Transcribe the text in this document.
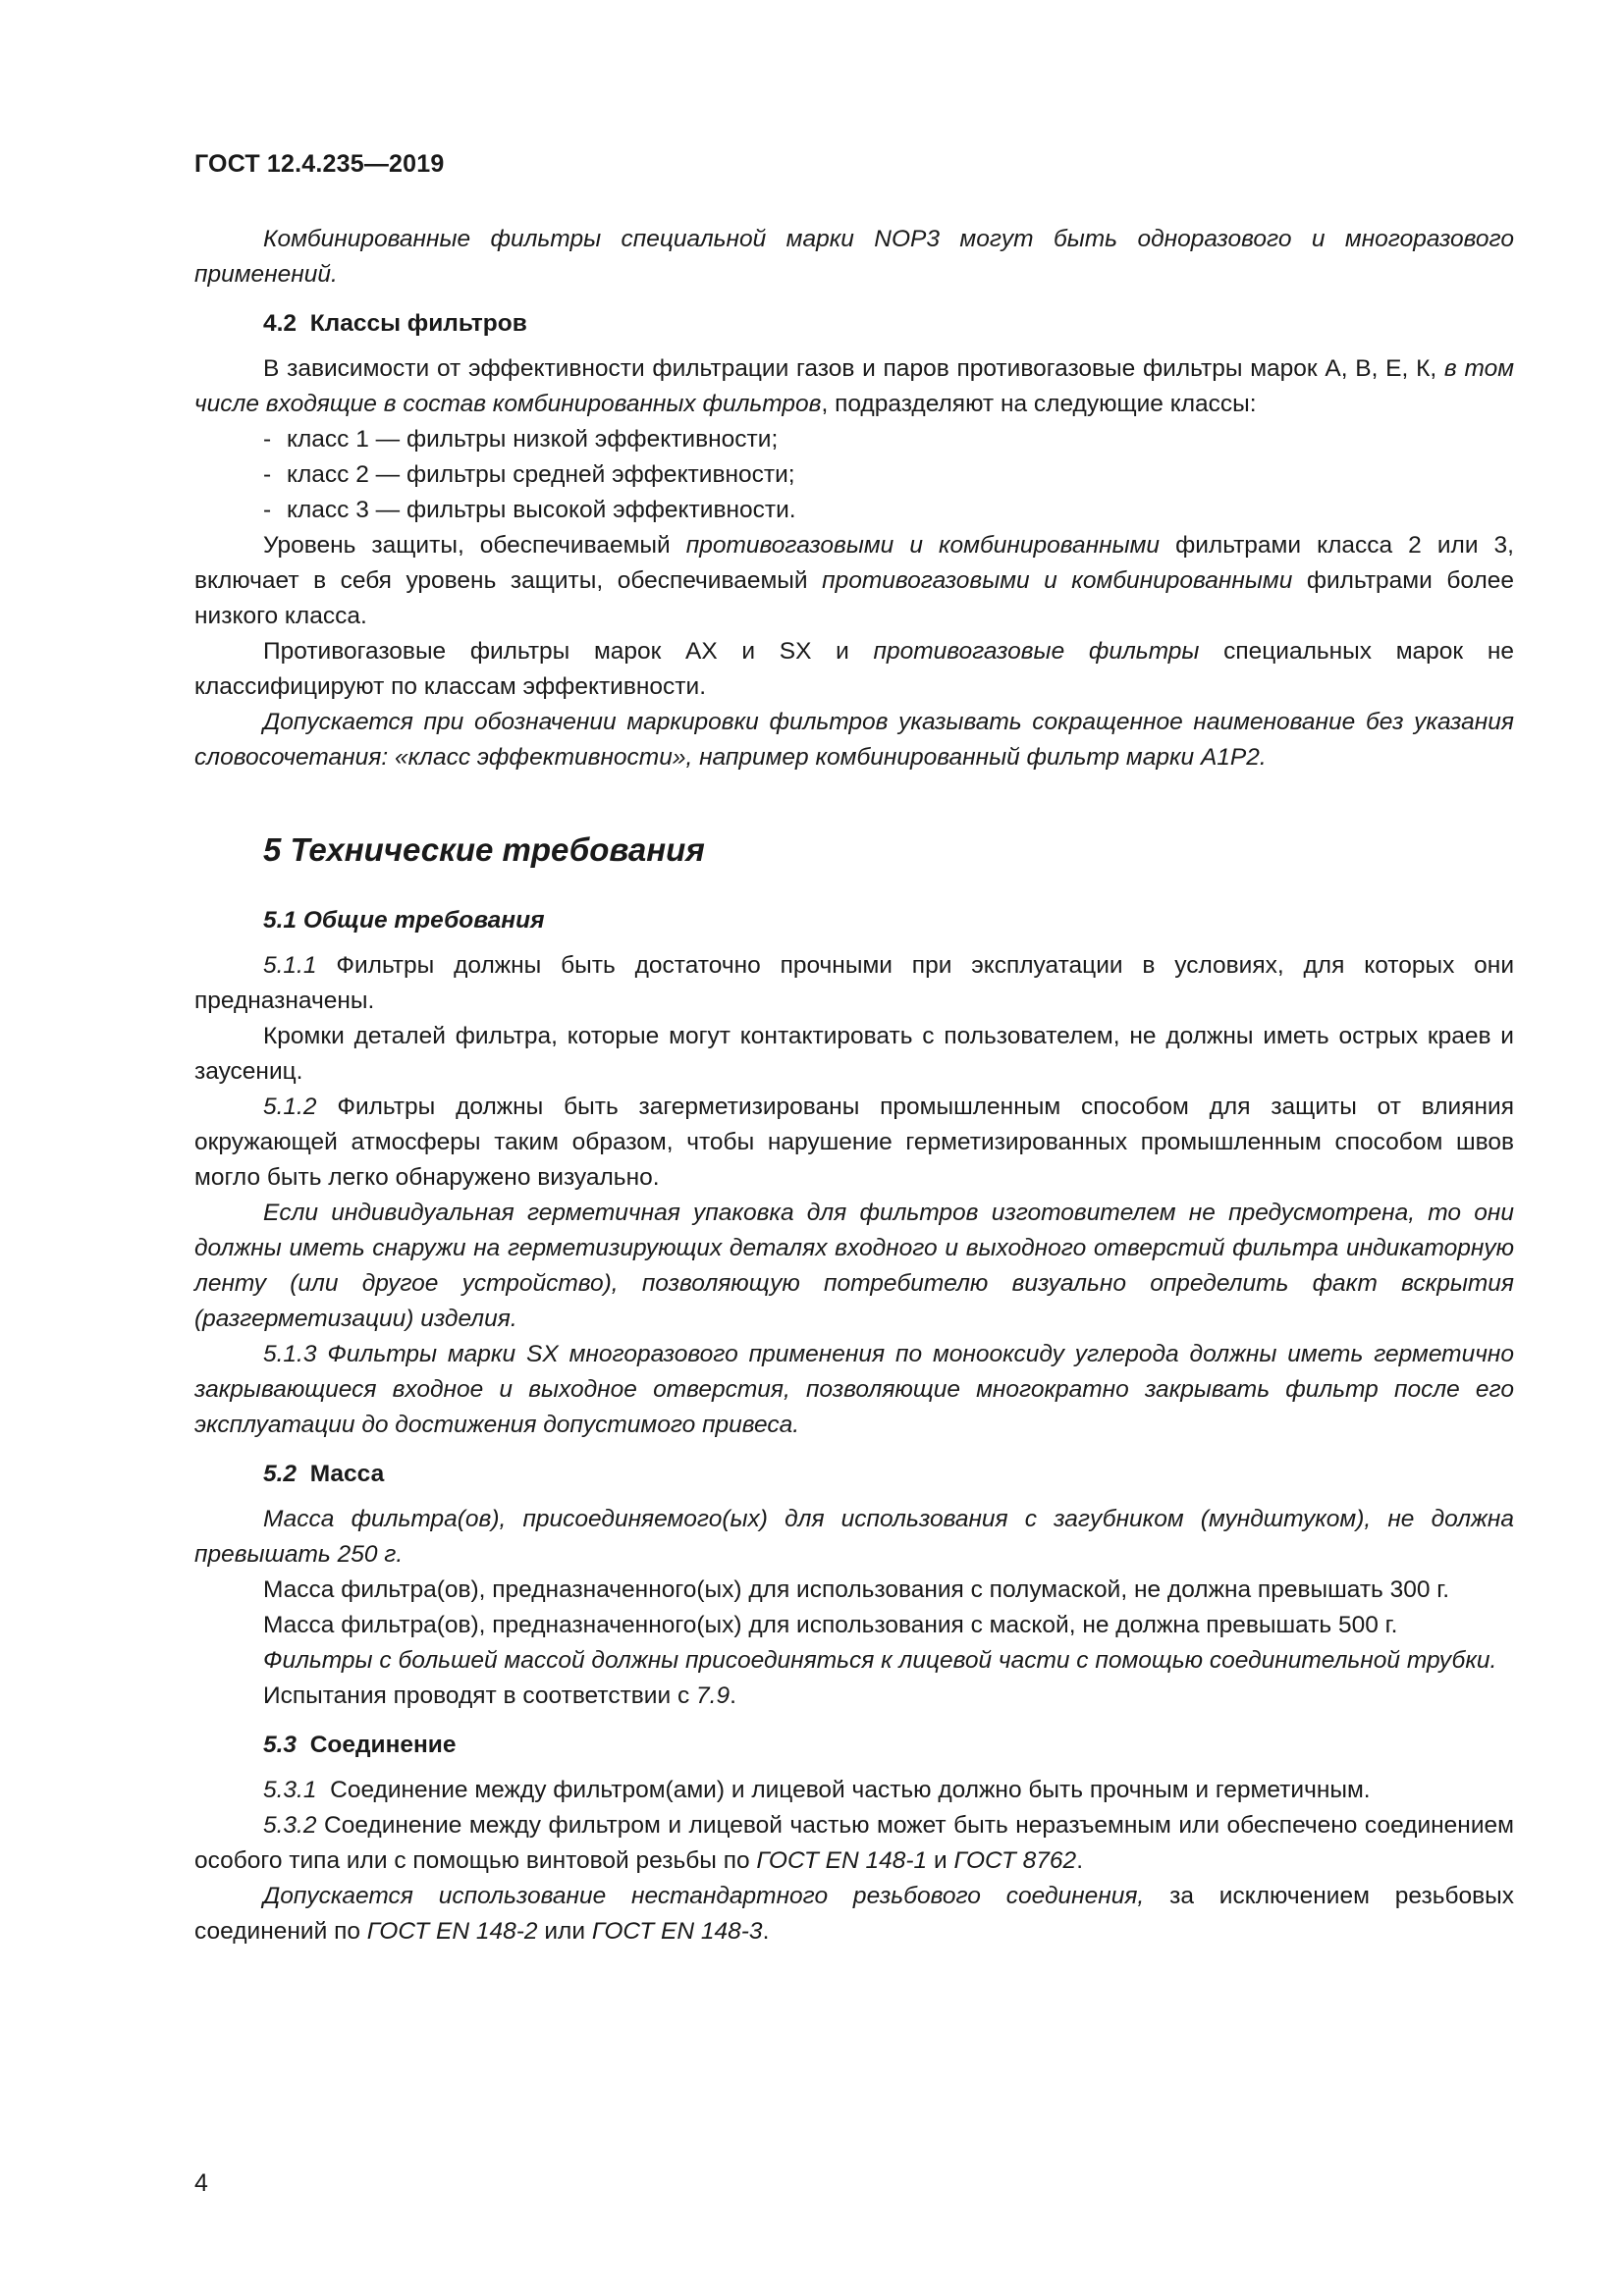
ГОСТ 12.4.235—2019

Комбинированные фильтры специальной марки NOP3 могут быть одноразового и многоразового применений.

4.2 Классы фильтров

В зависимости от эффективности фильтрации газов и паров противогазовые фильтры марок А, В, Е, К, в том числе входящие в состав комбинированных фильтров, подразделяют на следующие классы:

- класс 1 — фильтры низкой эффективности;
- класс 2 — фильтры средней эффективности;
- класс 3 — фильтры высокой эффективности.

Уровень защиты, обеспечиваемый противогазовыми и комбинированными фильтрами класса 2 или 3, включает в себя уровень защиты, обеспечиваемый противогазовыми и комбинированными фильтрами более низкого класса.

Противогазовые фильтры марок АХ и SX и противогазовые фильтры специальных марок не классифицируют по классам эффективности.

Допускается при обозначении маркировки фильтров указывать сокращенное наименование без указания словосочетания: «класс эффективности», например комбинированный фильтр марки А1Р2.

5 Технические требования
5.1 Общие требования

5.1.1 Фильтры должны быть достаточно прочными при эксплуатации в условиях, для которых они предназначены.

Кромки деталей фильтра, которые могут контактировать с пользователем, не должны иметь острых краев и заусениц.

5.1.2 Фильтры должны быть загерметизированы промышленным способом для защиты от влияния окружающей атмосферы таким образом, чтобы нарушение герметизированных промышленным способом швов могло быть легко обнаружено визуально.

Если индивидуальная герметичная упаковка для фильтров изготовителем не предусмотрена, то они должны иметь снаружи на герметизирующих деталях входного и выходного отверстий фильтра индикаторную ленту (или другое устройство), позволяющую потребителю визуально определить факт вскрытия (разгерметизации) изделия.

5.1.3 Фильтры марки SX многоразового применения по монооксиду углерода должны иметь герметично закрывающиеся входное и выходное отверстия, позволяющие многократно закрывать фильтр после его эксплуатации до достижения допустимого привеса.

5.2 Масса

Масса фильтра(ов), присоединяемого(ых) для использования с загубником (мундштуком), не должна превышать 250 г.

Масса фильтра(ов), предназначенного(ых) для использования с полумаской, не должна превышать 300 г.

Масса фильтра(ов), предназначенного(ых) для использования с маской, не должна превышать 500 г.

Фильтры с большей массой должны присоединяться к лицевой части с помощью соединительной трубки.

Испытания проводят в соответствии с 7.9.

5.3 Соединение

5.3.1 Соединение между фильтром(ами) и лицевой частью должно быть прочным и герметичным.

5.3.2 Соединение между фильтром и лицевой частью может быть неразъемным или обеспечено соединением особого типа или с помощью винтовой резьбы по ГОСТ EN 148-1 и ГОСТ 8762.

Допускается использование нестандартного резьбового соединения, за исключением резьбовых соединений по ГОСТ EN 148-2 или ГОСТ EN 148-3.

4
